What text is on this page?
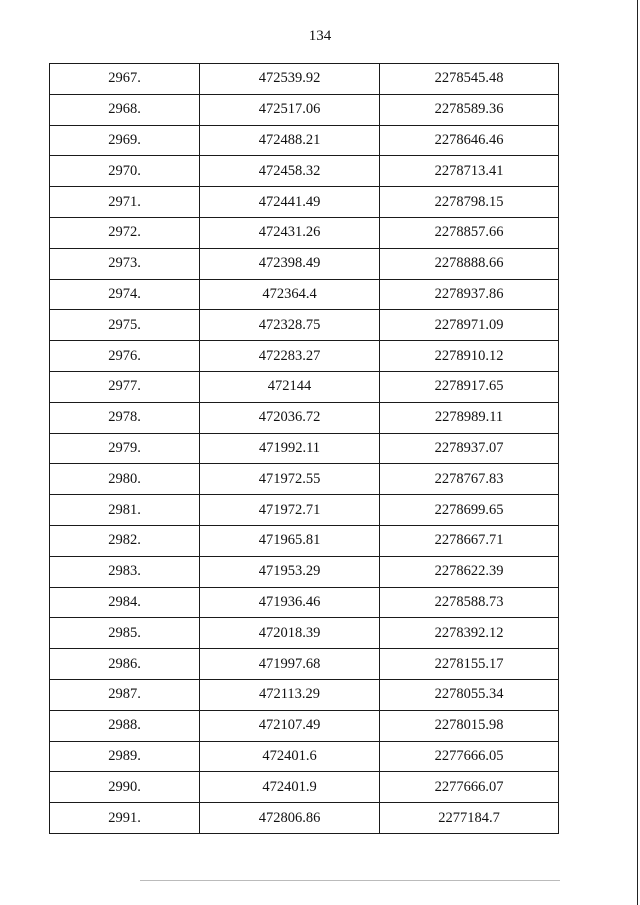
134
2967.	472539.92	2278545.48
2968.	472517.06	2278589.36
2969.	472488.21	2278646.46
2970.	472458.32	2278713.41
2971.	472441.49	2278798.15
2972.	472431.26	2278857.66
2973.	472398.49	2278888.66
2974.	472364.4	2278937.86
2975.	472328.75	2278971.09
2976.	472283.27	2278910.12
2977.	472144	2278917.65
2978.	472036.72	2278989.11
2979.	471992.11	2278937.07
2980.	471972.55	2278767.83
2981.	471972.71	2278699.65
2982.	471965.81	2278667.71
2983.	471953.29	2278622.39
2984.	471936.46	2278588.73
2985.	472018.39	2278392.12
2986.	471997.68	2278155.17
2987.	472113.29	2278055.34
2988.	472107.49	2278015.98
2989.	472401.6	2277666.05
2990.	472401.9	2277666.07
2991.	472806.86	2277184.7
